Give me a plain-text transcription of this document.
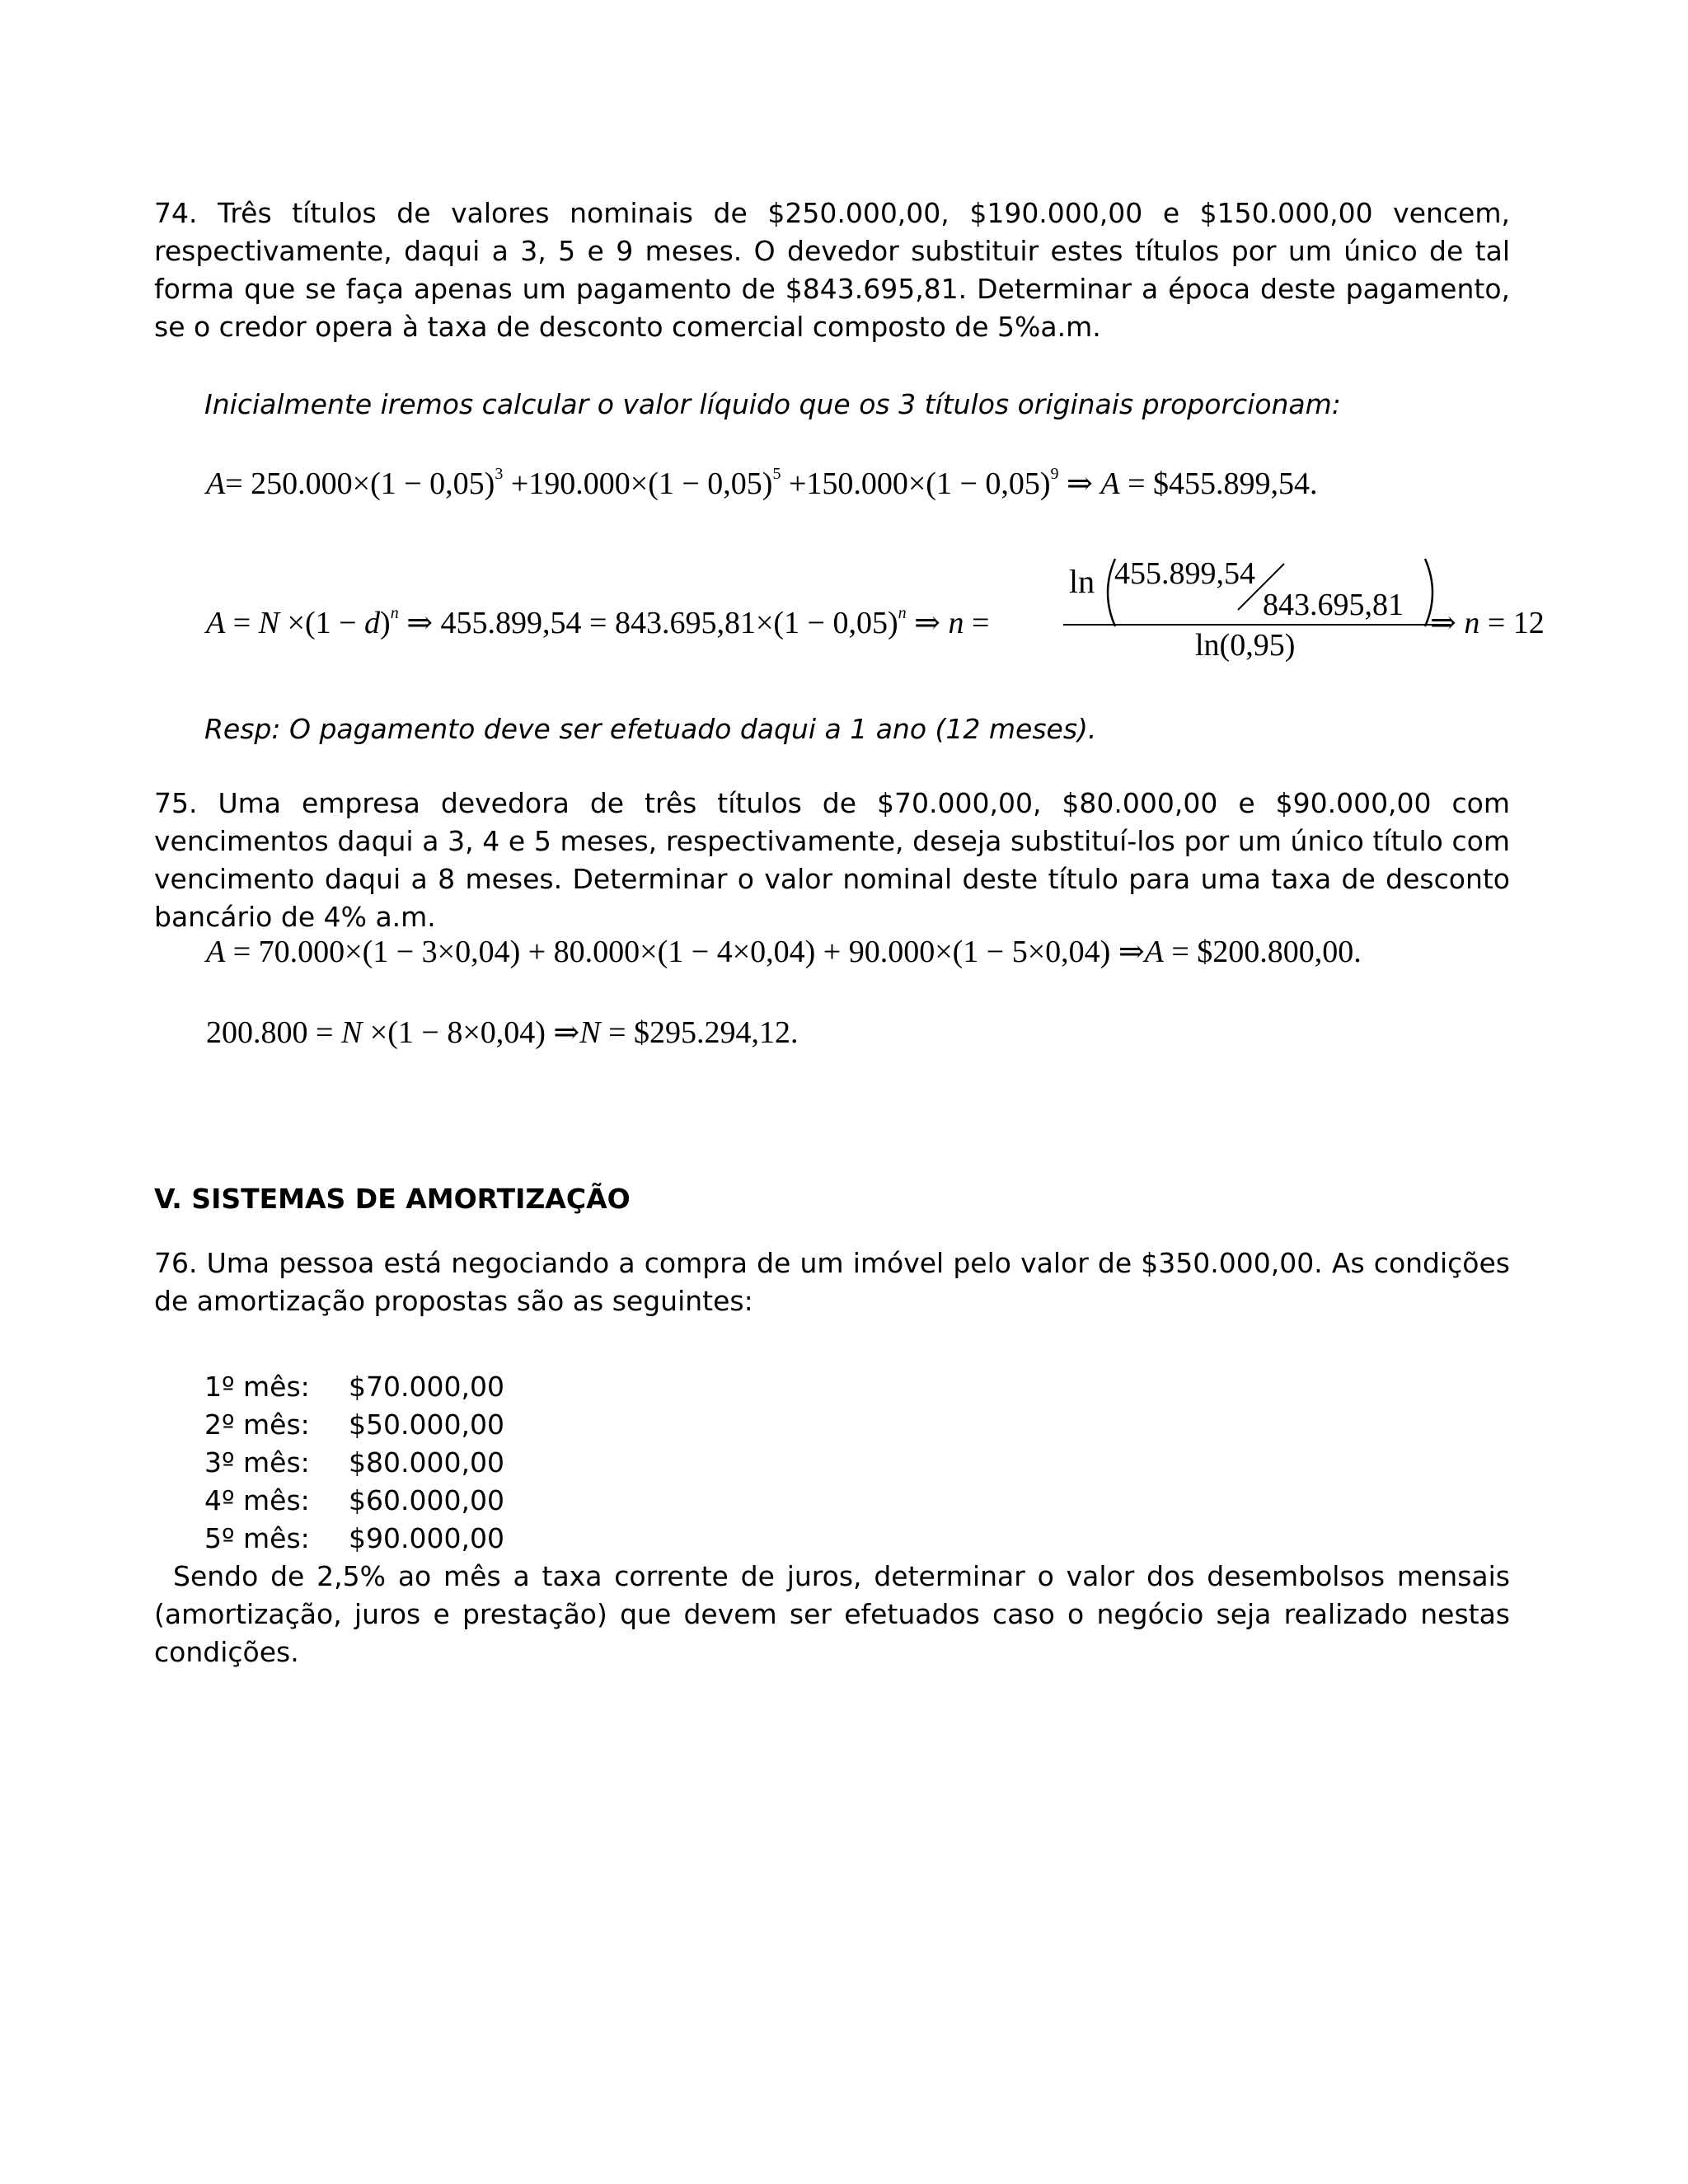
74. Três títulos de valores nominais de $250.000,00, $190.000,00 e $150.000,00 vencem, respectivamente, daqui a 3, 5 e 9 meses. O devedor substituir estes títulos por um único de tal forma que se faça apenas um pagamento de $843.695,81. Determinar a época deste pagamento, se o credor opera à taxa de desconto comercial composto de 5%a.m.

Inicialmente iremos calcular o valor líquido que os 3 títulos originais proporcionam:

$A= 250.000\times(1 - 0,05)^3 +190.000\times(1 - 0,05)^5 +150.000\times(1 - 0,05)^9$ ⇒ A = $455.899,54.
$A = N \times(1 - d)^n$ ⇒ $455.899,54 = 843.695,81\times(1 - 0,05)^n$ ⇒ n =
ln 455.899,54
843.695,81
ln(0,95)
⇒ n = 12

Resp: O pagamento deve ser efetuado daqui a 1 ano (12 meses).

75. Uma empresa devedora de três títulos de $70.000,00, $80.000,00 e $90.000,00 com vencimentos daqui a 3, 4 e 5 meses, respectivamente, deseja substituí-los por um único título com vencimento daqui a 8 meses. Determinar o valor nominal deste título para uma taxa de desconto bancário de 4% a.m.

A = 70.000×(1 − 3×0,04) + 80.000×(1 − 4×0,04) + 90.000×(1 − 5×0,04) ⇒A = $200.800,00.
200.800 = N ×(1 − 8×0,04) ⇒N = $295.294,12.
V. SISTEMAS DE AMORTIZAÇÃO

76. Uma pessoa está negociando a compra de um imóvel pelo valor de $350.000,00. As condições de amortização propostas são as seguintes:

1º mês: $70.000,00
2º mês: $50.000,00
3º mês: $80.000,00
4º mês: $60.000,00
5º mês: $90.000,00

Sendo de 2,5% ao mês a taxa corrente de juros, determinar o valor dos desembolsos mensais (amortização, juros e prestação) que devem ser efetuados caso o negócio seja realizado nestas condições.
